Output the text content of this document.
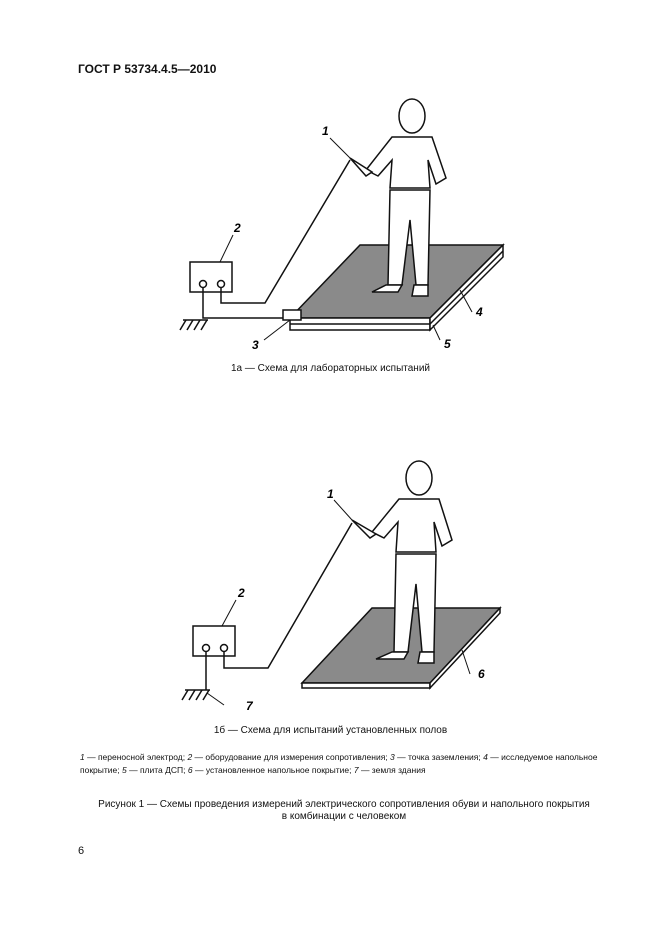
ГОСТ Р 53734.4.5—2010
1
2
3
4
5
1а — Схема для лабораторных испытаний
1
2
6
7
1б — Схема для испытаний установленных полов
1 — переносной электрод; 2 — оборудование для измерения сопротивления; 3 — точка заземления; 4 — исследуемое напольное покрытие; 5 — плита ДСП; 6 — установленное напольное покрытие; 7 — земля здания
Рисунок 1 — Схемы проведения измерений электрического сопротивления обуви и напольного покрытия
в комбинации с человеком
6
